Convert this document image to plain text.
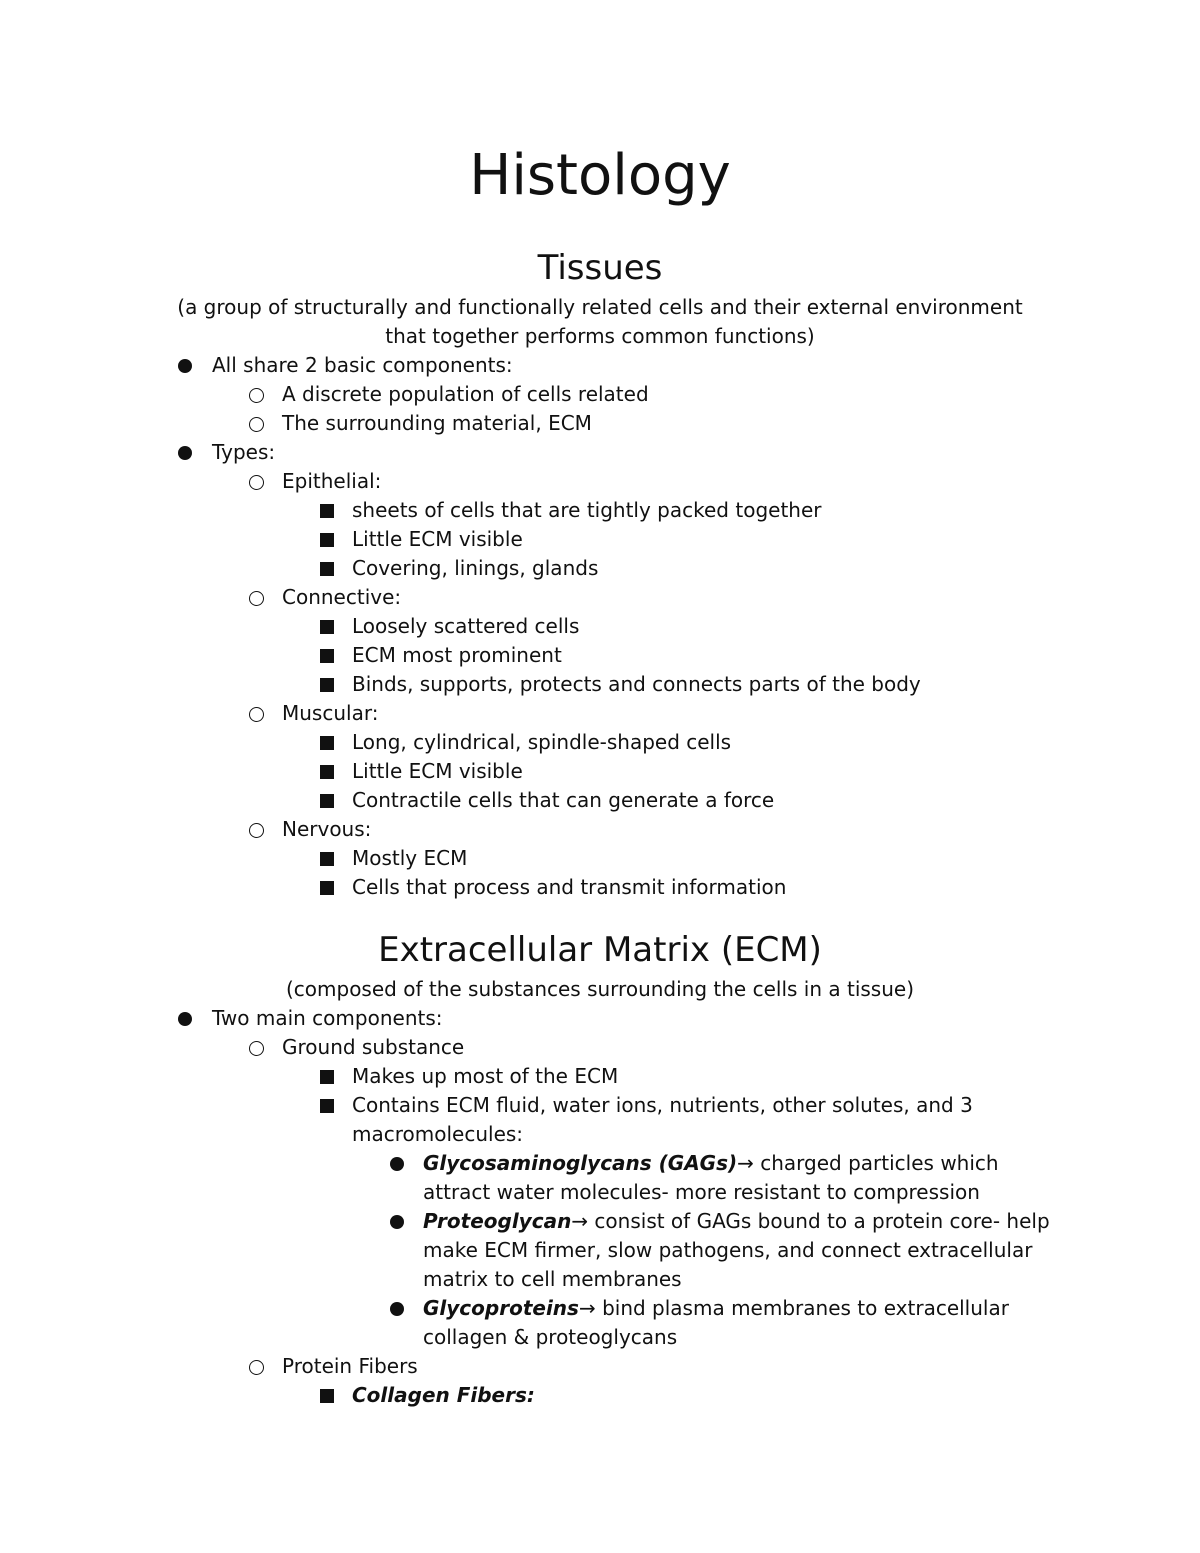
Histology
Tissues

(a group of structurally and functionally related cells and their external environment

that together performs common functions)

All share 2 basic components:
A discrete population of cells related
The surrounding material, ECM
Types:
Epithelial:
sheets of cells that are tightly packed together
Little ECM visible
Covering, linings, glands
Connective:
Loosely scattered cells
ECM most prominent
Binds, supports, protects and connects parts of the body
Muscular:
Long, cylindrical, spindle-shaped cells
Little ECM visible
Contractile cells that can generate a force
Nervous:
Mostly ECM
Cells that process and transmit information
Extracellular Matrix (ECM)

(composed of the substances surrounding the cells in a tissue)

Two main components:
Ground substance
Makes up most of the ECM
Contains ECM fluid, water ions, nutrients, other solutes, and 3 macromolecules:
Glycosaminoglycans (GAGs)→ charged particles which attract water molecules- more resistant to compression
Proteoglycan→ consist of GAGs bound to a protein core- help make ECM firmer, slow pathogens, and connect extracellular matrix to cell membranes
Glycoproteins→ bind plasma membranes to extracellular collagen & proteoglycans
Protein Fibers
Collagen Fibers:
